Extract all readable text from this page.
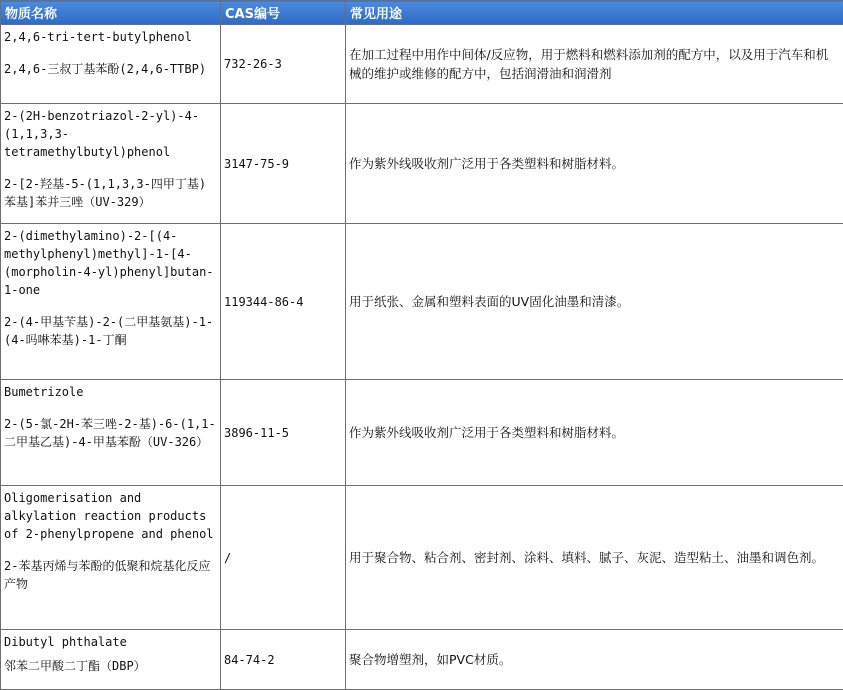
物质名称	CAS编号	常见用途

2,4,6-tri-tert-butylphenol
2,4,6-三叔丁基苯酚(2,4,6-TTBP)	732-26-3	在加工过程中用作中间体/反应物，用于燃料和燃料添加剂的配方中，以及用于汽车和机械的维护或维修的配方中，包括润滑油和润滑剂

2-(2H-benzotriazol-2-yl)-4-(1,1,3,3-tetramethylbutyl)phenol
2-[2-羟基-5-(1,1,3,3-四甲丁基)苯基]苯并三唑（UV-329）	3147-75-9	作为紫外线吸收剂广泛用于各类塑料和树脂材料。

2-(dimethylamino)-2-[(4-methylphenyl)methyl]-1-[4-(morpholin-4-yl)phenyl]butan-1-one
2-(4-甲基苄基)-2-(二甲基氨基)-1-(4-吗啉苯基)-1-丁酮	119344-86-4	用于纸张、金属和塑料表面的UV固化油墨和清漆。

Bumetrizole
2-(5-氯-2H-苯三唑-2-基)-6-(1,1-二甲基乙基)-4-甲基苯酚（UV-326）	3896-11-5	作为紫外线吸收剂广泛用于各类塑料和树脂材料。

Oligomerisation and alkylation reaction products of 2-phenylpropene and phenol
2-苯基丙烯与苯酚的低聚和烷基化反应产物	/	用于聚合物、粘合剂、密封剂、涂料、填料、腻子、灰泥、造型粘土、油墨和调色剂。

Dibutyl phthalate
邻苯二甲酸二丁酯（DBP）	84-74-2	聚合物增塑剂，如PVC材质。
